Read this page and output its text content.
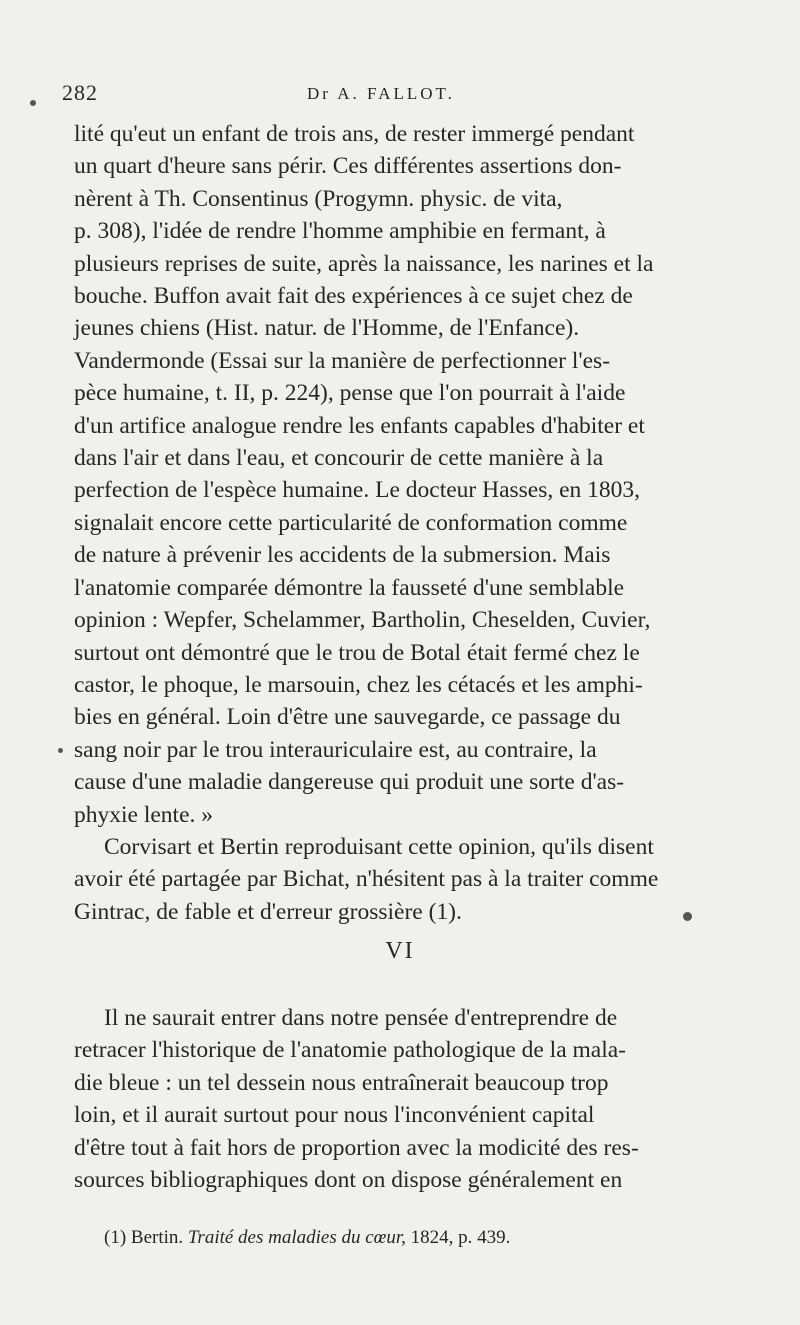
282	Dr A. FALLOT.

lité qu'eut un enfant de trois ans, de rester immergé pendant

un quart d'heure sans périr. Ces différentes assertions don-

nèrent à Th. Consentinus (Progymn. physic. de vita,

p. 308), l'idée de rendre l'homme amphibie en fermant, à

plusieurs reprises de suite, après la naissance, les narines et la

bouche. Buffon avait fait des expériences à ce sujet chez de

jeunes chiens (Hist. natur. de l'Homme, de l'Enfance).

Vandermonde (Essai sur la manière de perfectionner l'es-

pèce humaine, t. II, p. 224), pense que l'on pourrait à l'aide

d'un artifice analogue rendre les enfants capables d'habiter et

dans l'air et dans l'eau, et concourir de cette manière à la

perfection de l'espèce humaine. Le docteur Hasses, en 1803,

signalait encore cette particularité de conformation comme

de nature à prévenir les accidents de la submersion. Mais

l'anatomie comparée démontre la fausseté d'une semblable

opinion : Wepfer, Schelammer, Bartholin, Cheselden, Cuvier,

surtout ont démontré que le trou de Botal était fermé chez le

castor, le phoque, le marsouin, chez les cétacés et les amphi-

bies en général. Loin d'être une sauvegarde, ce passage du

sang noir par le trou interauriculaire est, au contraire, la

cause d'une maladie dangereuse qui produit une sorte d'as-

phyxie lente. »

Corvisart et Bertin reproduisant cette opinion, qu'ils disent

avoir été partagée par Bichat, n'hésitent pas à la traiter comme

Gintrac, de fable et d'erreur grossière (1).

VI

Il ne saurait entrer dans notre pensée d'entreprendre de

retracer l'historique de l'anatomie pathologique de la mala-

die bleue : un tel dessein nous entraînerait beaucoup trop

loin, et il aurait surtout pour nous l'inconvénient capital

d'être tout à fait hors de proportion avec la modicité des res-

sources bibliographiques dont on dispose généralement en

(1) Bertin. Traité des maladies du cœur, 1824, p. 439.
